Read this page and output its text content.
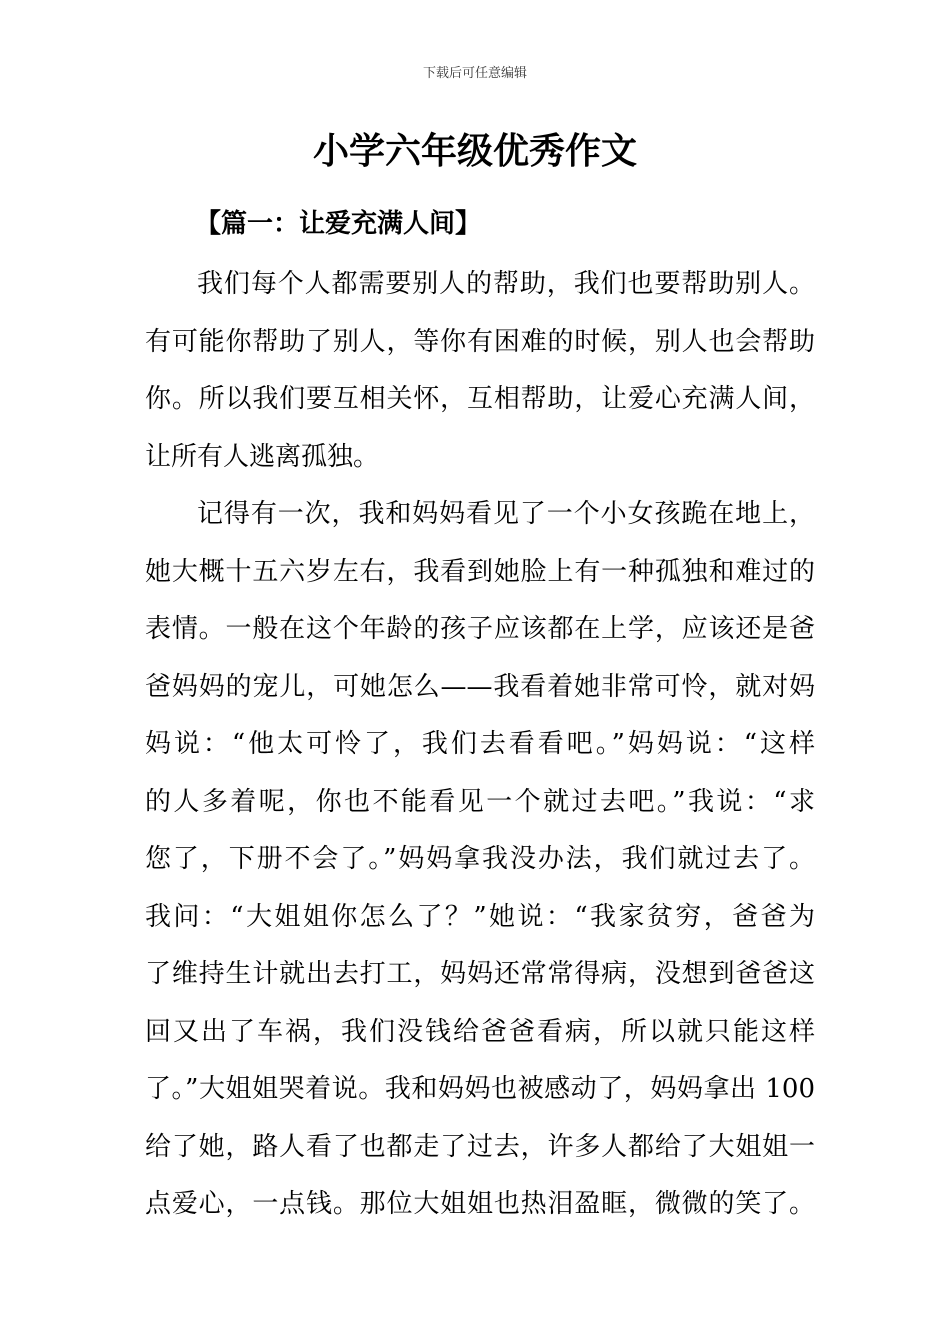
下载后可任意编辑
小学六年级优秀作文
【篇一：让爱充满人间】

我们每个人都需要别人的帮助，我们也要帮助别人。
有可能你帮助了别人，等你有困难的时候，别人也会帮助
你。所以我们要互相关怀，互相帮助，让爱心充满人间，
让所有人逃离孤独。

记得有一次，我和妈妈看见了一个小女孩跪在地上，
她大概十五六岁左右，我看到她脸上有一种孤独和难过的
表情。一般在这个年龄的孩子应该都在上学，应该还是爸
爸妈妈的宠儿，可她怎么——我看着她非常可怜，就对妈
妈说：“他太可怜了，我们去看看吧。”妈妈说：“这样
的人多着呢，你也不能看见一个就过去吧。”我说：“求
您了，下册不会了。”妈妈拿我没办法，我们就过去了。
我问：“大姐姐你怎么了？”她说：“我家贫穷，爸爸为
了维持生计就出去打工，妈妈还常常得病，没想到爸爸这
回又出了车祸，我们没钱给爸爸看病，所以就只能这样
了。”大姐姐哭着说。我和妈妈也被感动了，妈妈拿出 100
给了她，路人看了也都走了过去，许多人都给了大姐姐一
点爱心，一点钱。那位大姐姐也热泪盈眶，微微的笑了。
